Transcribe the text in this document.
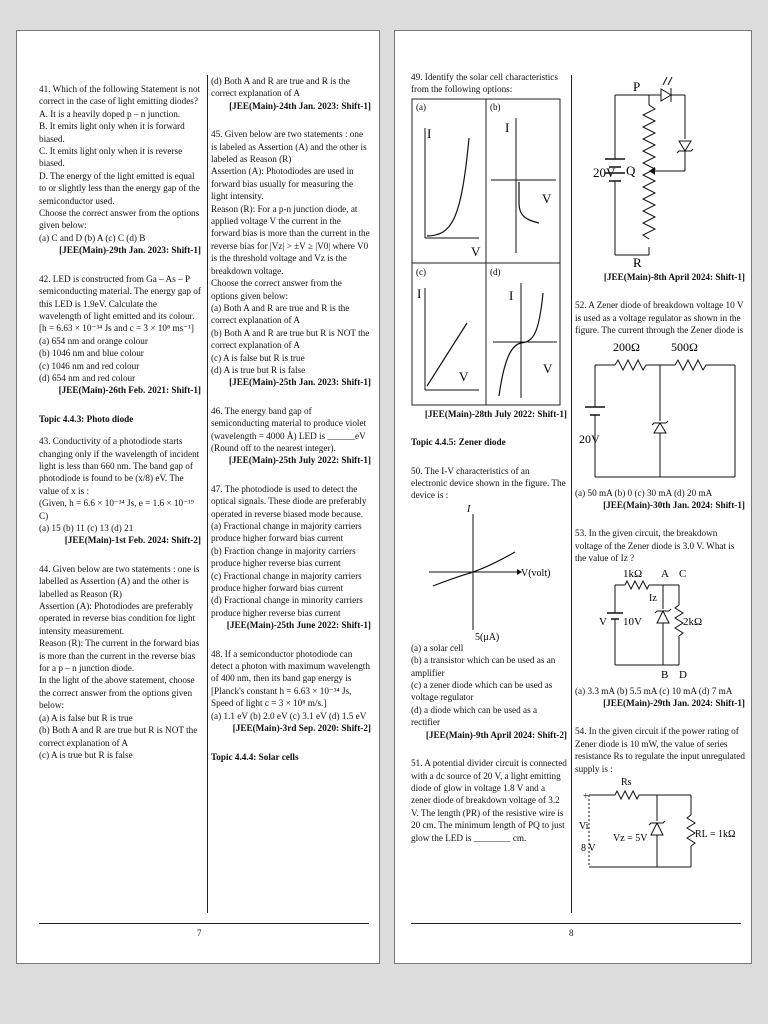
41. Which of the following Statement is not correct in the case of light emitting diodes?

A. It is a heavily doped p – n junction.

B. It emits light only when it is forward biased.

C. It emits light only when it is reverse biased.

D. The energy of the light emitted is equal to or slightly less than the energy gap of the semiconductor used.

Choose the correct answer from the options given below:

(a) C and D (b) A (c) C (d) B

[JEE(Main)-29th Jan. 2023: Shift-1]

42. LED is constructed from Ga – As – P semiconducting material. The energy gap of this LED is 1.9eV. Calculate the wavelength of light emitted and its colour. [h = 6.63 × 10⁻³⁴ Js and c = 3 × 10⁸ ms⁻¹]

(a) 654 nm and orange colour

(b) 1046 nm and blue colour

(c) 1046 nm and red colour

(d) 654 nm and red colour

[JEE(Main)-26th Feb. 2021: Shift-1]

Topic 4.4.3: Photo diode

43. Conductivity of a photodiode starts changing only if the wavelength of incident light is less than 660 nm. The band gap of photodiode is found to be (x/8) eV. The value of x is :

(Given, h = 6.6 × 10⁻³⁴ Js, e = 1.6 × 10⁻¹⁹ C)

(a) 15 (b) 11 (c) 13 (d) 21

[JEE(Main)-1st Feb. 2024: Shift-2]

44. Given below are two statements : one is labelled as Assertion (A) and the other is labelled as Reason (R)

Assertion (A): Photodiodes are preferably operated in reverse bias condition for light intensity measurement.

Reason (R): The current in the forward bias is more than the current in the reverse bias for a p – n junction diode.

In the light of the above statement, choose the correct answer from the options given below:

(a) A is false but R is true

(b) Both A and R are true but R is NOT the correct explanation of A

(c) A is true but R is false

(d) Both A and R are true and R is the correct explanation of A

[JEE(Main)-24th Jan. 2023: Shift-1]

45. Given below are two statements : one is labeled as Assertion (A) and the other is labeled as Reason (R)

Assertion (A): Photodiodes are used in forward bias usually for measuring the light intensity.

Reason (R): For a p-n junction diode, at applied voltage V the current in the forward bias is more than the current in the reverse bias for |Vz| > ±V ≥ |V0| where V0 is the threshold voltage and Vz is the breakdown voltage.

Choose the correct answer from the options given below:

(a) Both A and R are true and R is the correct explanation of A

(b) Both A and R are true but R is NOT the correct explanation of A

(c) A is false but R is true

(d) A is true but R is false

[JEE(Main)-25th Jan. 2023: Shift-1]

46. The energy band gap of semiconducting material to produce violet (wavelength = 4000 Å) LED is ______eV (Round off to the nearest integer).

[JEE(Main)-25th July 2022: Shift-1]

47. The photodiode is used to detect the optical signals. These diode are preferably operated in reverse biased mode because.

(a) Fractional change in majority carriers produce higher forward bias current

(b) Fraction change in majority carriers produce higher reverse bias current

(c) Fractional change in majority carriers produce higher forward bias current

(d) Fractional change in minority carriers produce higher reverse bias current

[JEE(Main)-25th June 2022: Shift-1]

48. If a semiconductor photodiode can detect a photon with maximum wavelength of 400 nm, then its band gap energy is

[Planck's constant h = 6.63 × 10⁻³⁴ Js, Speed of light c = 3 × 10⁸ m/s.]

(a) 1.1 eV (b) 2.0 eV (c) 3.1 eV (d) 1.5 eV

[JEE(Main)-3rd Sep. 2020: Shift-2]

Topic 4.4.4: Solar cells

7

49. Identify the solar cell characteristics from the following options:

(a)
I
V
(b)
I
V
(c)
I
V
(d)
I
V

[JEE(Main)-28th July 2022: Shift-1]

Topic 4.4.5: Zener diode

50. The I-V characteristics of an electronic device shown in the figure. The device is :

I
V(volt)
5(μA)

(a) a solar cell

(b) a transistor which can be used as an amplifier

(c) a zener diode which can be used as voltage regulator

(d) a diode which can be used as a rectifier

[JEE(Main)-9th April 2024: Shift-2]

51. A potential divider circuit is connected with a dc source of 20 V, a light emitting diode of glow in voltage 1.8 V and a zener diode of breakdown voltage of 3.2 V. The length (PR) of the resistive wire is 20 cm. The minimum length of PQ to just glow the LED is ________ cm.

P
R
Q
20V

[JEE(Main)-8th April 2024: Shift-1]

52. A Zener diode of breakdown voltage 10 V is used as a voltage regulator as shown in the figure. The current through the Zener diode is

200Ω	500Ω
20V

(a) 50 mA (b) 0 (c) 30 mA (d) 20 mA

[JEE(Main)-30th Jan. 2024: Shift-1]

53. In the given circuit, the breakdown voltage of the Zener diode is 3.0 V. What is the value of Iz ?

1kΩ A C
Iz
V 10V	2kΩ
B D

(a) 3.3 mA (b) 5.5 mA (c) 10 mA (d) 7 mA

[JEE(Main)-29th Jan. 2024: Shift-1]

54. In the given circuit if the power rating of Zener diode is 10 mW, the value of series resistance Rs to regulate the input unregulated supply is :

Rs
Vi
8 V
Vz = 5V	RL = 1kΩ
+
8
